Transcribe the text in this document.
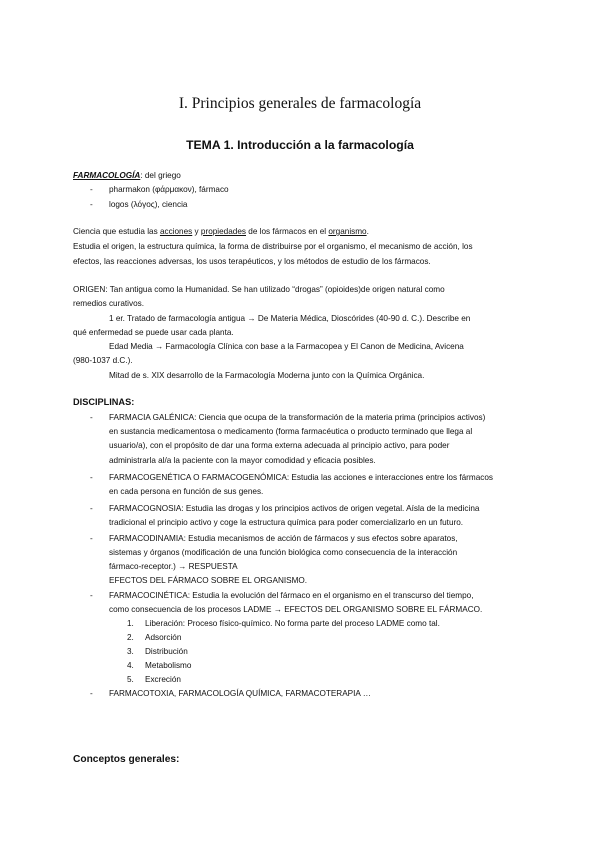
I. Principios generales de farmacología
TEMA 1. Introducción a la farmacología
FARMACOLOGÍA: del griego
- pharmakon (φάρμακον), fármaco
- logos (λόγος), ciencia
Ciencia que estudia las acciones y propiedades de los fármacos en el organismo.
Estudia el origen, la estructura química, la forma de distribuirse por el organismo, el mecanismo de acción, los
efectos, las reacciones adversas, los usos terapéuticos, y los métodos de estudio de los fármacos.
ORIGEN: Tan antigua como la Humanidad. Se han utilizado “drogas” (opioides)de origen natural como
remedios curativos.
1 er. Tratado de farmacología antigua → De Materia Médica, Dioscórides (40-90 d. C.). Describe en
qué enfermedad se puede usar cada planta.
Edad Media → Farmacología Clínica con base a la Farmacopea y El Canon de Medicina, Avicena
(980-1037 d.C.).
Mitad de s. XIX desarrollo de la Farmacología Moderna junto con la Química Orgánica.
DISCIPLINAS:
- FARMACIA GALÉNICA: Ciencia que ocupa de la transformación de la materia prima (principios activos)
en sustancia medicamentosa o medicamento (forma farmacéutica o producto terminado que llega al
usuario/a), con el propósito de dar una forma externa adecuada al principio activo, para poder
administrarla al/a la paciente con la mayor comodidad y eficacia posibles.
- FARMACOGENÉTICA O FARMACOGENÓMICA: Estudia las acciones e interacciones entre los fármacos
en cada persona en función de sus genes.
- FARMACOGNOSIA: Estudia las drogas y los principios activos de origen vegetal. Aísla de la medicina
tradicional el principio activo y coge la estructura química para poder comercializarlo en un futuro.
- FARMACODINAMIA: Estudia mecanismos de acción de fármacos y sus efectos sobre aparatos,
sistemas y órganos (modificación de una función biológica como consecuencia de la interacción
fármaco-receptor.) → RESPUESTA
EFECTOS DEL FÁRMACO SOBRE EL ORGANISMO.
- FARMACOCINÉTICA: Estudia la evolución del fármaco en el organismo en el transcurso del tiempo,
como consecuencia de los procesos LADME → EFECTOS DEL ORGANISMO SOBRE EL FÁRMACO.
1. Liberación: Proceso físico-químico. No forma parte del proceso LADME como tal.
2. Adsorción
3. Distribución
4. Metabolismo
5. Excreción
- FARMACOTOXIA, FARMACOLOGÍA QUÍMICA, FARMACOTERAPIA …
Conceptos generales:
